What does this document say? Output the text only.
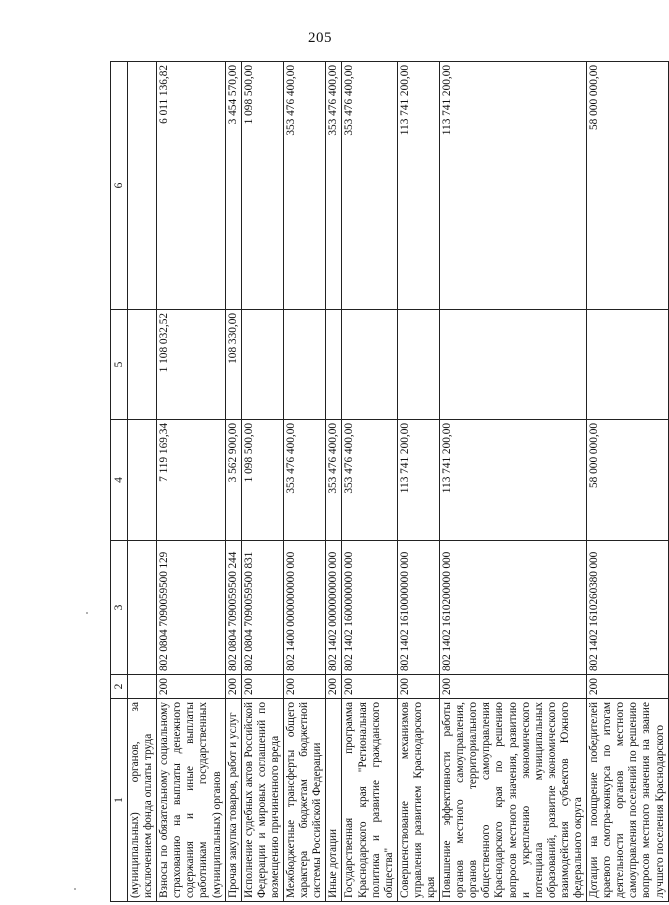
205
1	2	3	4	5	6
(муниципальных) органов, за исключением фонда оплаты труда					
Взносы по обязательному социальному страхованию на выплаты денежного содержания и иные выплаты работникам государственных (муниципальных) органов	200	802 0804 7090059500 129	7 119 169,34	1 108 032,52	6 011 136,82
Прочая закупка товаров, работ и услуг	200	802 0804 7090059500 244	3 562 900,00	108 330,00	3 454 570,00
Исполнение судебных актов Российской Федерации и мировых соглашений по возмещению причиненного вреда	200	802 0804 7090059500 831	1 098 500,00		1 098 500,00
Межбюджетные трансферты общего характера бюджетам бюджетной системы Российской Федерации	200	802 1400 0000000000 000	353 476 400,00		353 476 400,00
Иные дотации	200	802 1402 0000000000 000	353 476 400,00		353 476 400,00
Государственная программа Краснодарского края "Региональная политика и развитие гражданского общества"	200	802 1402 1600000000 000	353 476 400,00		353 476 400,00
Совершенствование механизмов управления развитием Краснодарского края	200	802 1402 1610000000 000	113 741 200,00		113 741 200,00
Повышение эффективности работы органов местного самоуправления, органов территориального общественного самоуправления Краснодарского края по решению вопросов местного значения, развитию и укреплению экономического потенциала муниципальных образований, развитие экономического взаимодействия субъектов Южного федерального округа	200	802 1402 1610200000 000	113 741 200,00		113 741 200,00
Дотации на поощрение победителей краевого смотра-конкурса по итогам деятельности органов местного самоуправления поселений по решению вопросов местного значения на звание лучшего поселения Краснодарского	200	802 1402 1610260380 000	58 000 000,00		58 000 000,00
